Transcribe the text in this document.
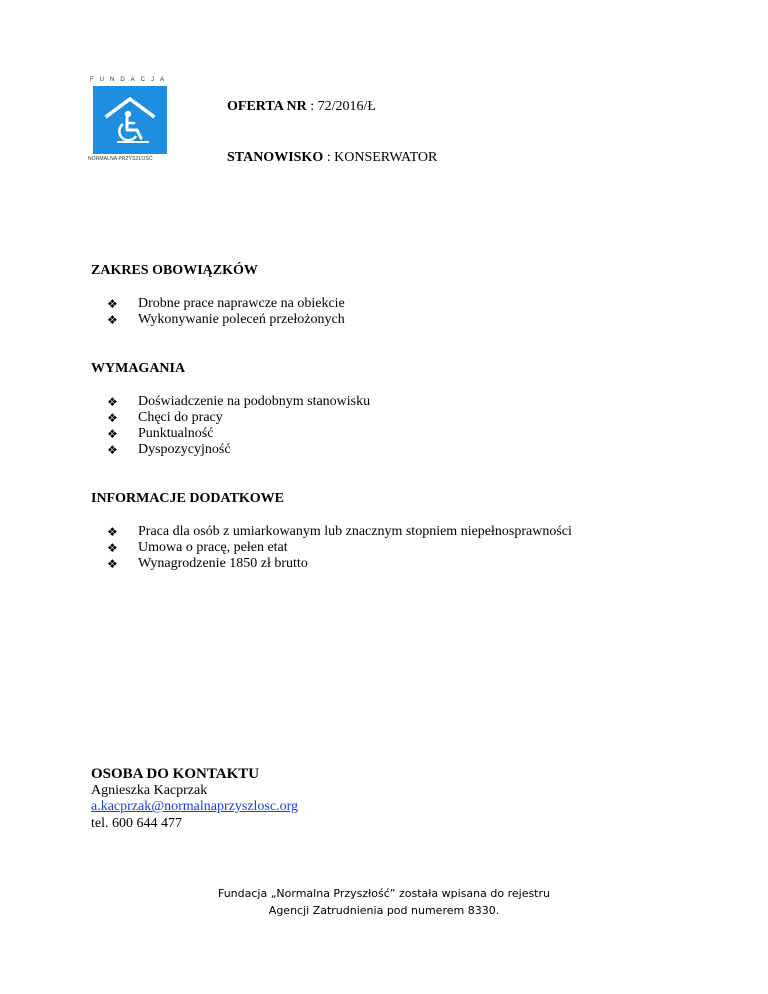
FUNDACJA
NORMALNA PRZYSZŁOŚĆ
OFERTA NR : 72/2016/Ł
STANOWISKO : KONSERWATOR
ZAKRES OBOWIĄZKÓW
❖ Drobne prace naprawcze na obiekcie
❖ Wykonywanie poleceń przełożonych
WYMAGANIA
❖ Doświadczenie na podobnym stanowisku
❖ Chęci do pracy
❖ Punktualność
❖ Dyspozycyjność
INFORMACJE DODATKOWE
❖ Praca dla osób z umiarkowanym lub znacznym stopniem niepełnosprawności
❖ Umowa o pracę, pełen etat
❖ Wynagrodzenie 1850 zł brutto
OSOBA DO KONTAKTU
Agnieszka Kacprzak
a.kacprzak@normalnaprzyszlosc.org
tel. 600 644 477
Fundacja „Normalna Przyszłość” została wpisana do rejestru
Agencji Zatrudnienia pod numerem 8330.
